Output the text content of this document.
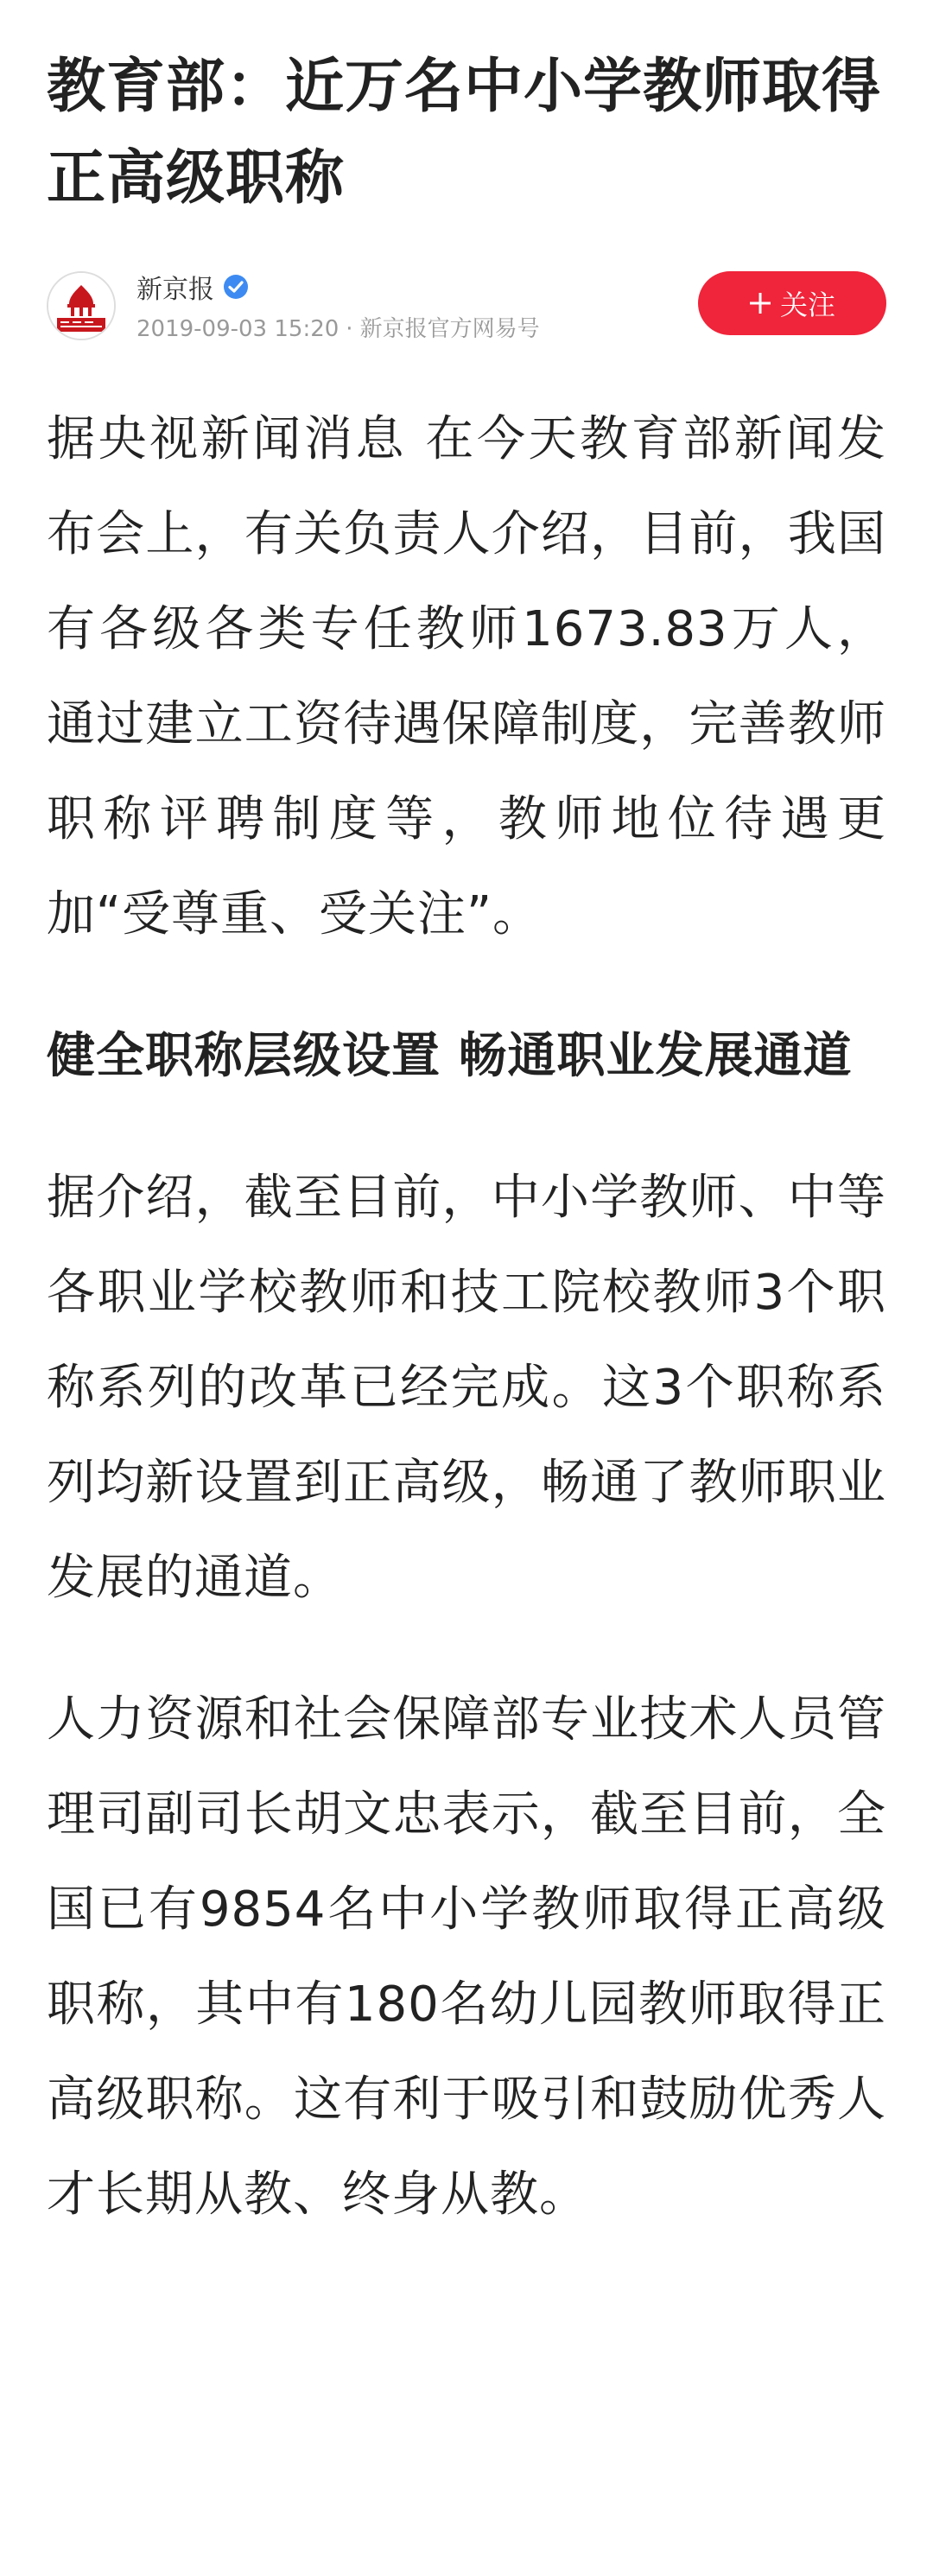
教育部：近万名中小学教师取得正高级职称
新京报
2019-09-03 15:20 · 新京报官方网易号
关注

据央视新闻消息 在今天教育部新闻发布会上，有关负责人介绍，目前，我国有各级各类专任教师1673.83万人，通过建立工资待遇保障制度，完善教师职称评聘制度等，教师地位待遇更加“受尊重、受关注”。

健全职称层级设置 畅通职业发展通道

据介绍，截至目前，中小学教师、中等各职业学校教师和技工院校教师3个职称系列的改革已经完成。这3个职称系列均新设置到正高级，畅通了教师职业发展的通道。

人力资源和社会保障部专业技术人员管理司副司长胡文忠表示，截至目前，全国已有9854名中小学教师取得正高级职称，其中有180名幼儿园教师取得正高级职称。这有利于吸引和鼓励优秀人才长期从教、终身从教。
